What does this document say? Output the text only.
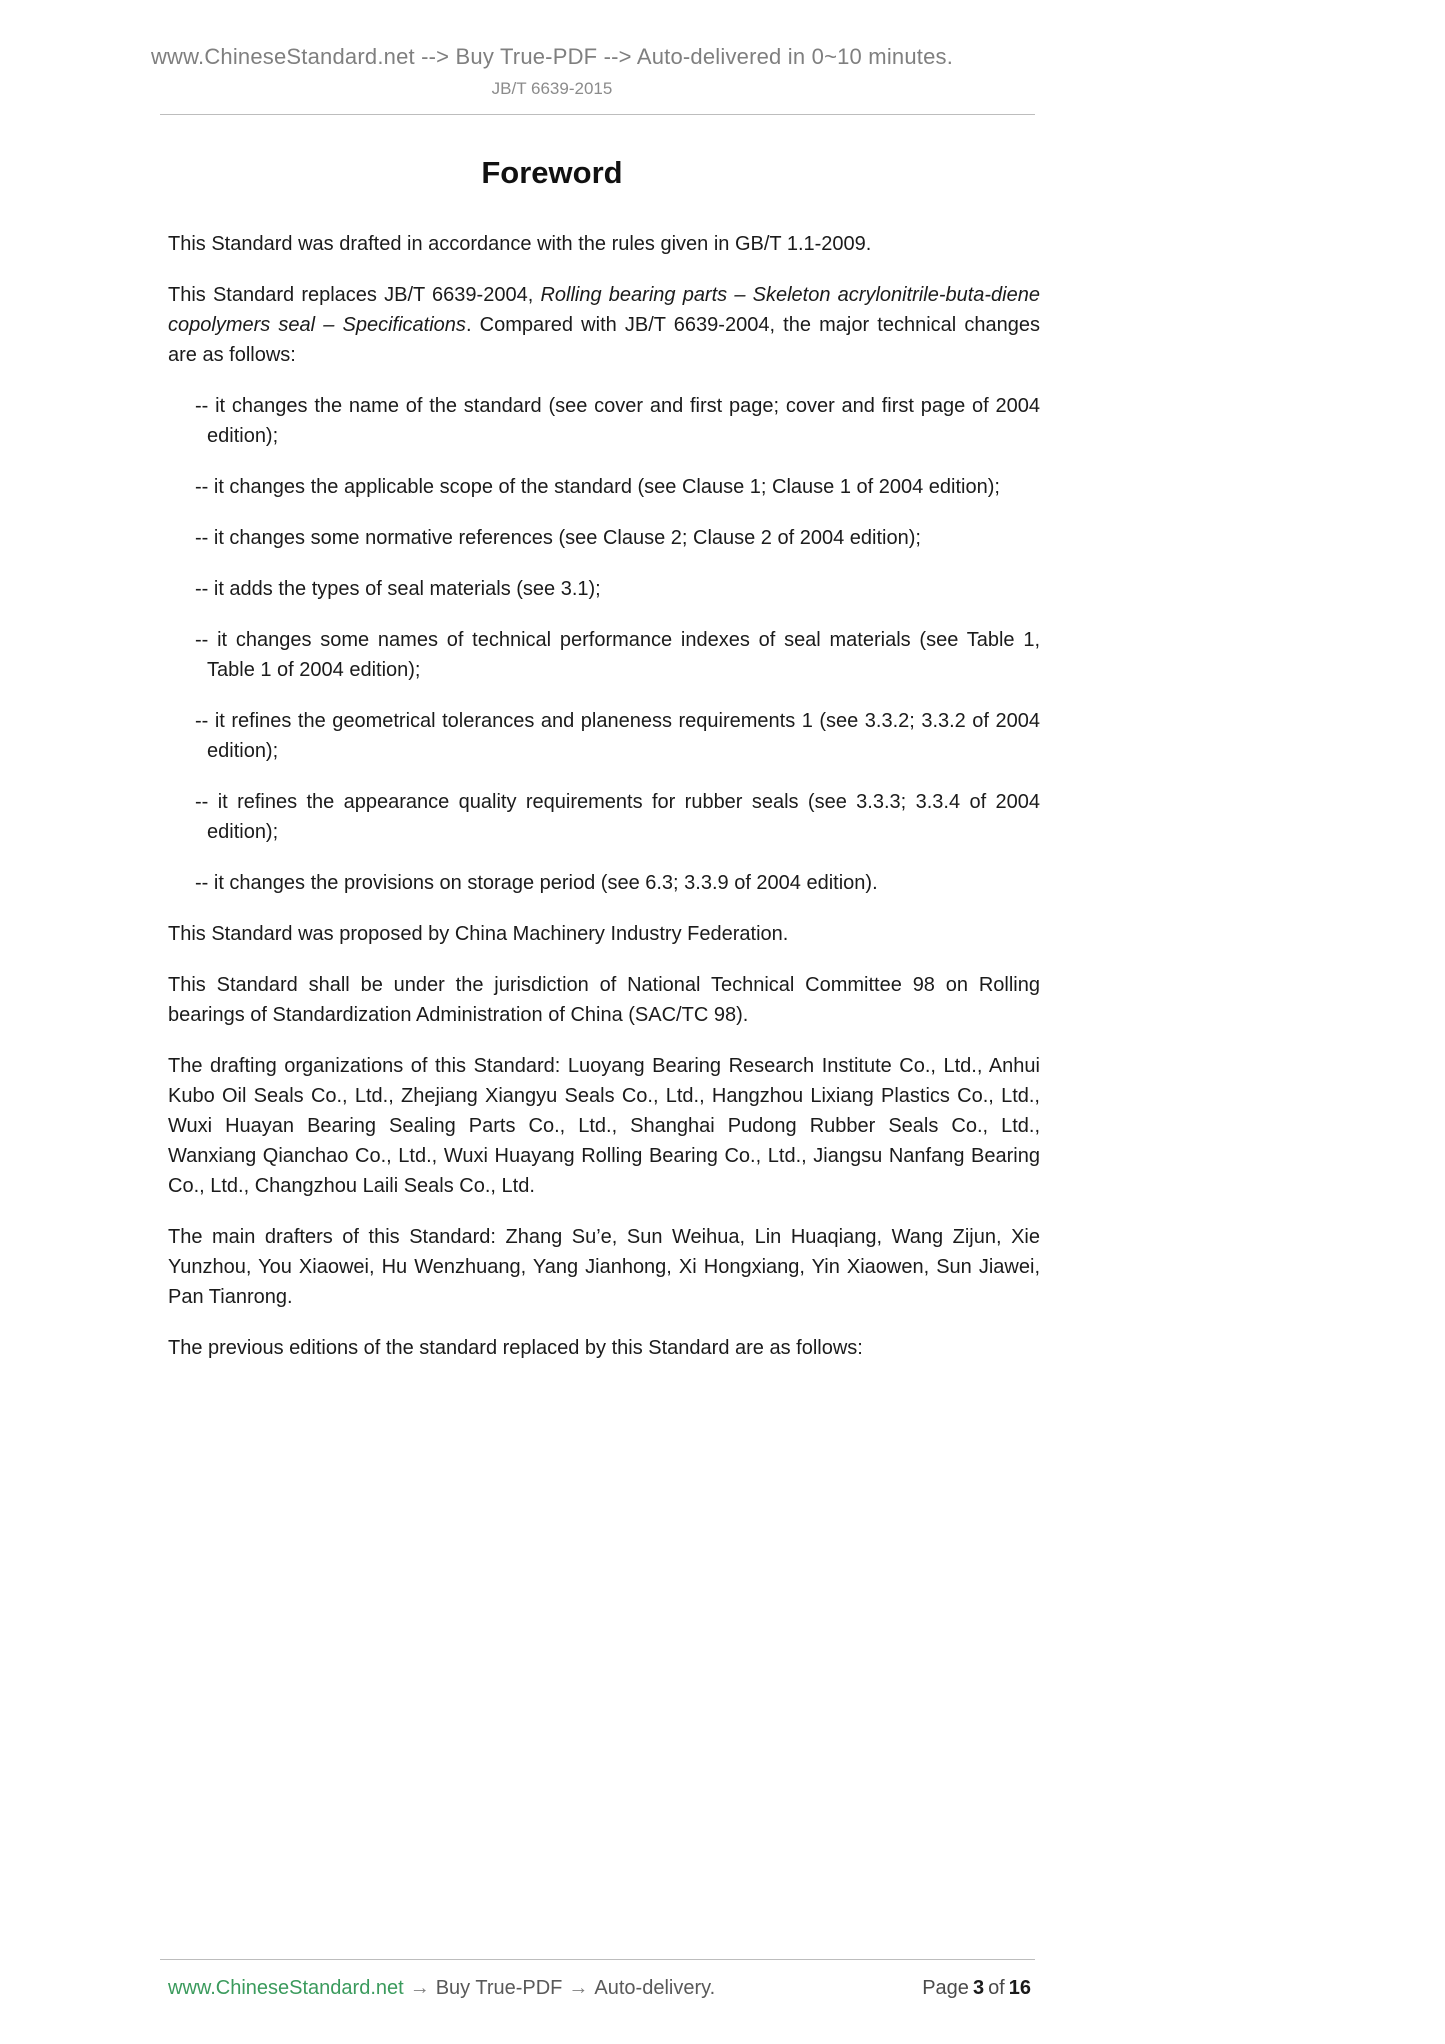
www.ChineseStandard.net --> Buy True-PDF --> Auto-delivered in 0~10 minutes.

JB/T 6639-2015

Foreword

This Standard was drafted in accordance with the rules given in GB/T 1.1-2009.

This Standard replaces JB/T 6639-2004, Rolling bearing parts – Skeleton acrylonitrile-buta-diene copolymers seal – Specifications. Compared with JB/T 6639-2004, the major technical changes are as follows:

-- it changes the name of the standard (see cover and first page; cover and first page of 2004 edition);

-- it changes the applicable scope of the standard (see Clause 1; Clause 1 of 2004 edition);

-- it changes some normative references (see Clause 2; Clause 2 of 2004 edition);

-- it adds the types of seal materials (see 3.1);

-- it changes some names of technical performance indexes of seal materials (see Table 1, Table 1 of 2004 edition);

-- it refines the geometrical tolerances and planeness requirements 1 (see 3.3.2; 3.3.2 of 2004 edition);

-- it refines the appearance quality requirements for rubber seals (see 3.3.3; 3.3.4 of 2004 edition);

-- it changes the provisions on storage period (see 6.3; 3.3.9 of 2004 edition).

This Standard was proposed by China Machinery Industry Federation.

This Standard shall be under the jurisdiction of National Technical Committee 98 on Rolling bearings of Standardization Administration of China (SAC/TC 98).

The drafting organizations of this Standard: Luoyang Bearing Research Institute Co., Ltd., Anhui Kubo Oil Seals Co., Ltd., Zhejiang Xiangyu Seals Co., Ltd., Hangzhou Lixiang Plastics Co., Ltd., Wuxi Huayan Bearing Sealing Parts Co., Ltd., Shanghai Pudong Rubber Seals Co., Ltd., Wanxiang Qianchao Co., Ltd., Wuxi Huayang Rolling Bearing Co., Ltd., Jiangsu Nanfang Bearing Co., Ltd., Changzhou Laili Seals Co., Ltd.

The main drafters of this Standard: Zhang Su’e, Sun Weihua, Lin Huaqiang, Wang Zijun, Xie Yunzhou, You Xiaowei, Hu Wenzhuang, Yang Jianhong, Xi Hongxiang, Yin Xiaowen, Sun Jiawei, Pan Tianrong.

The previous editions of the standard replaced by this Standard are as follows:

www.ChineseStandard.net → Buy True-PDF → Auto-delivery.	Page 3 of 16
